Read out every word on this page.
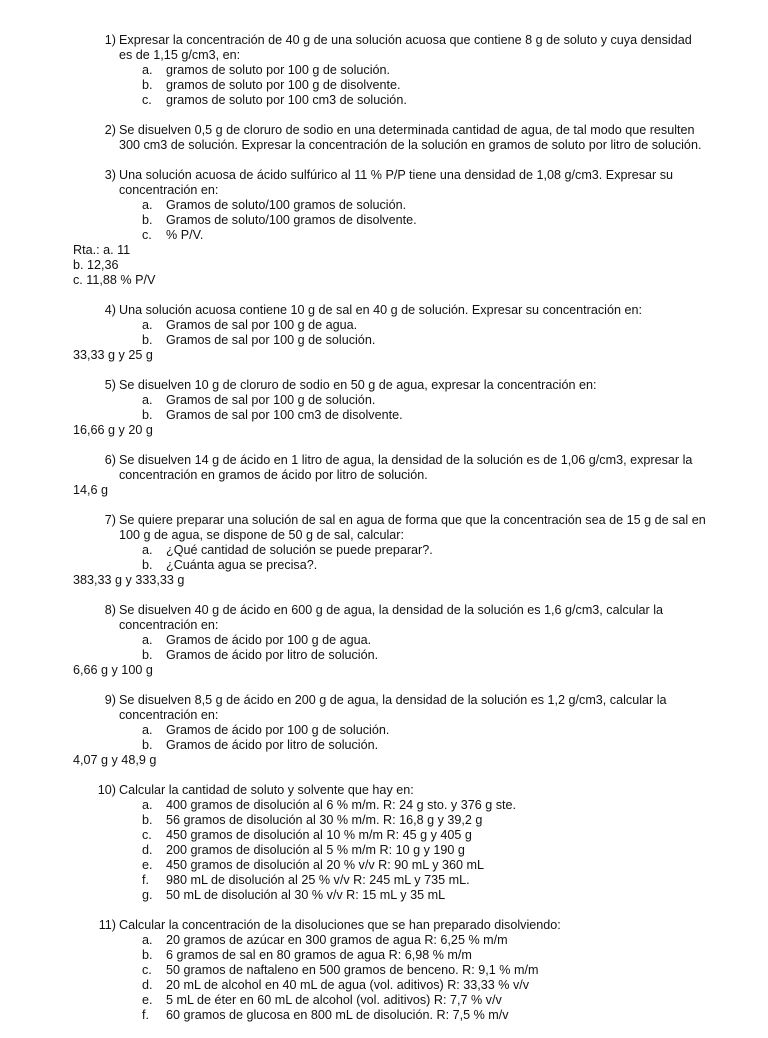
1) Expresar la concentración de 40 g de una solución acuosa que contiene 8 g de soluto y cuya densidad es de 1,15 g/cm3, en:
a. gramos de soluto por 100 g de solución.
b. gramos de soluto por 100 g de disolvente.
c. gramos de soluto por 100 cm3 de solución.
2) Se disuelven 0,5 g de cloruro de sodio en una determinada cantidad de agua, de tal modo que resulten 300 cm3 de solución. Expresar la concentración de la solución en gramos de soluto por litro de solución.
3) Una solución acuosa de ácido sulfúrico al 11 % P/P tiene una densidad de 1,08 g/cm3. Expresar su concentración en:
a. Gramos de soluto/100 gramos de solución.
b. Gramos de soluto/100 gramos de disolvente.
c. % P/V.
Rta.: a. 11
b. 12,36
c. 11,88 % P/V
4) Una solución acuosa contiene 10 g de sal en 40 g de solución. Expresar su concentración en:
a. Gramos de sal por 100 g de agua.
b. Gramos de sal por 100 g de solución.
33,33 g y 25 g
5) Se disuelven 10 g de cloruro de sodio en 50 g de agua, expresar la concentración en:
a. Gramos de sal por 100 g de solución.
b. Gramos de sal por 100 cm3 de disolvente.
16,66 g y 20 g
6) Se disuelven 14 g de ácido en 1 litro de agua, la densidad de la solución es de 1,06 g/cm3, expresar la concentración en gramos de ácido por litro de solución.
14,6 g
7) Se quiere preparar una solución de sal en agua de forma que que la concentración sea de 15 g de sal en 100 g de agua, se dispone de 50 g de sal, calcular:
a. ¿Qué cantidad de solución se puede preparar?.
b. ¿Cuánta agua se precisa?.
383,33 g y 333,33 g
8) Se disuelven 40 g de ácido en 600 g de agua, la densidad de la solución es 1,6 g/cm3, calcular la concentración en:
a. Gramos de ácido por 100 g de agua.
b. Gramos de ácido por litro de solución.
6,66 g y 100 g
9) Se disuelven 8,5 g de ácido en 200 g de agua, la densidad de la solución es 1,2 g/cm3, calcular la concentración en:
a. Gramos de ácido por 100 g de solución.
b. Gramos de ácido por litro de solución.
4,07 g y 48,9 g
10) Calcular la cantidad de soluto y solvente que hay en:
a. 400 gramos de disolución al 6 % m/m. R: 24 g sto. y 376 g ste.
b. 56 gramos de disolución al 30 % m/m. R: 16,8 g y 39,2 g
c. 450 gramos de disolución al 10 % m/m R: 45 g y 405 g
d. 200 gramos de disolución al 5 % m/m R: 10 g y 190 g
e. 450 gramos de disolución al 20 % v/v R: 90 mL y 360 mL
f. 980 mL de disolución al 25 % v/v R: 245 mL y 735 mL.
g. 50 mL de disolución al 30 % v/v R: 15 mL y 35 mL
11) Calcular la concentración de la disoluciones que se han preparado disolviendo:
a. 20 gramos de azúcar en 300 gramos de agua R: 6,25 % m/m
b. 6 gramos de sal en 80 gramos de agua R: 6,98 % m/m
c. 50 gramos de naftaleno en 500 gramos de benceno. R: 9,1 % m/m
d. 20 mL de alcohol en 40 mL de agua (vol. aditivos) R: 33,33 % v/v
e. 5 mL de éter en 60 mL de alcohol (vol. aditivos) R: 7,7 % v/v
f. 60 gramos de glucosa en 800 mL de disolución. R: 7,5 % m/v
